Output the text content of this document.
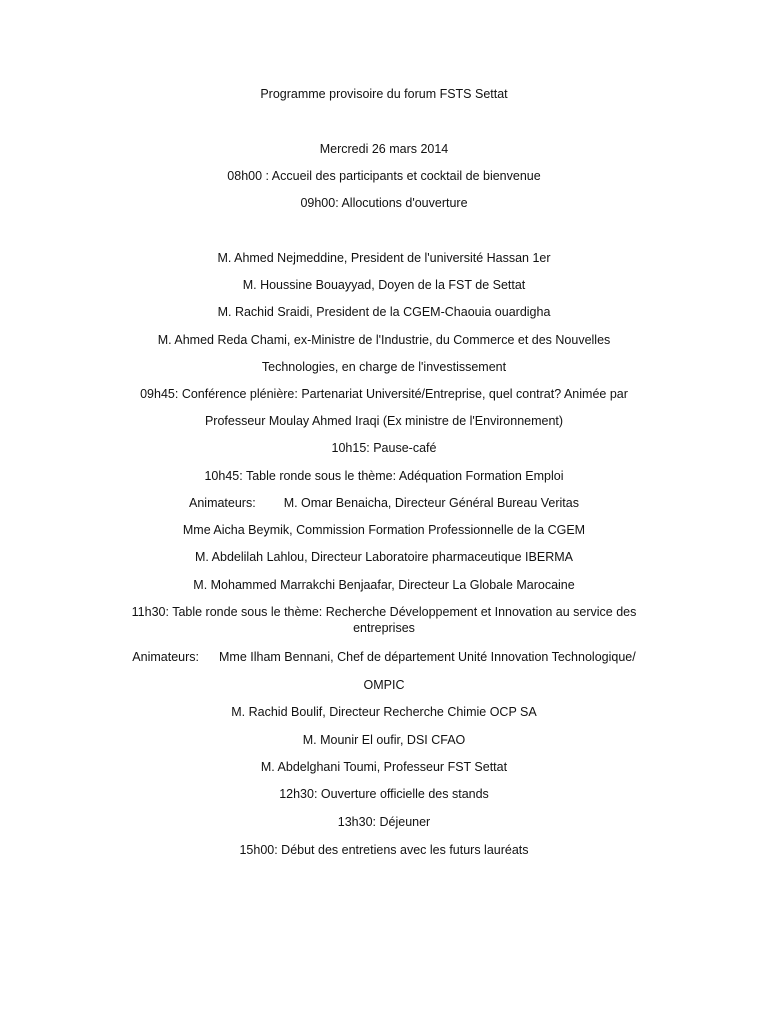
Programme provisoire du forum FSTS Settat
Mercredi 26 mars 2014
08h00 : Accueil des participants et cocktail de bienvenue
09h00: Allocutions d'ouverture
M. Ahmed Nejmeddine, President de l'université Hassan 1er
M. Houssine Bouayyad, Doyen de la FST de Settat
M. Rachid Sraidi, President de la CGEM-Chaouia ouardigha
M. Ahmed Reda Chami, ex-Ministre de l'Industrie, du Commerce et des Nouvelles
Technologies, en charge de l'investissement
09h45: Conférence plénière: Partenariat Université/Entreprise, quel contrat? Animée par
Professeur Moulay Ahmed Iraqi (Ex ministre de l'Environnement)
10h15: Pause-café
10h45: Table ronde sous le thème: Adéquation Formation Emploi
Animateurs: M. Omar Benaicha, Directeur Général Bureau Veritas
Mme Aicha Beymik, Commission Formation Professionnelle de la CGEM
M. Abdelilah Lahlou, Directeur Laboratoire pharmaceutique IBERMA
M. Mohammed Marrakchi Benjaafar, Directeur La Globale Marocaine
11h30: Table ronde sous le thème: Recherche Développement et Innovation au service des entreprises
Animateurs: Mme Ilham Bennani, Chef de département Unité Innovation Technologique/
OMPIC
M. Rachid Boulif, Directeur Recherche Chimie OCP SA
M. Mounir El oufir, DSI CFAO
M. Abdelghani Toumi, Professeur FST Settat
12h30: Ouverture officielle des stands
13h30: Déjeuner
15h00: Début des entretiens avec les futurs lauréats
